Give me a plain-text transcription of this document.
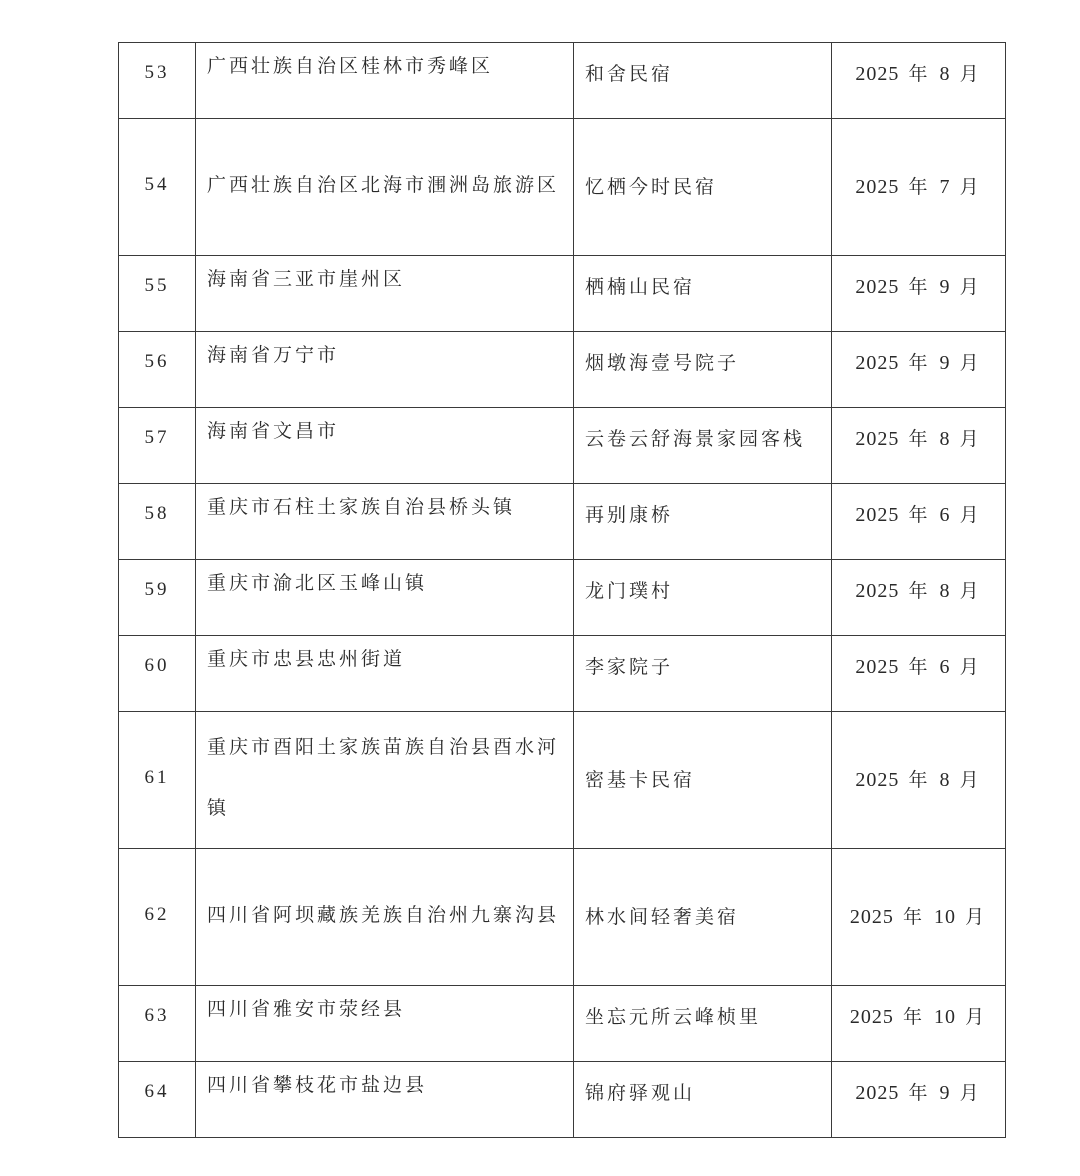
53	广西壮族自治区桂林市秀峰区	和舍民宿	2025 年 8 月
54	广西壮族自治区北海市涠洲岛旅游区	忆栖今时民宿	2025 年 7 月
55	海南省三亚市崖州区	栖楠山民宿	2025 年 9 月
56	海南省万宁市	烟墩海壹号院子	2025 年 9 月
57	海南省文昌市	云卷云舒海景家园客栈	2025 年 8 月
58	重庆市石柱土家族自治县桥头镇	再别康桥	2025 年 6 月
59	重庆市渝北区玉峰山镇	龙门璞村	2025 年 8 月
60	重庆市忠县忠州街道	李家院子	2025 年 6 月
61	重庆市酉阳土家族苗族自治县酉水河镇	密基卡民宿	2025 年 8 月
62	四川省阿坝藏族羌族自治州九寨沟县	林水间轻奢美宿	2025 年 10 月
63	四川省雅安市荥经县	坐忘元所云峰桢里	2025 年 10 月
64	四川省攀枝花市盐边县	锦府驿观山	2025 年 9 月
